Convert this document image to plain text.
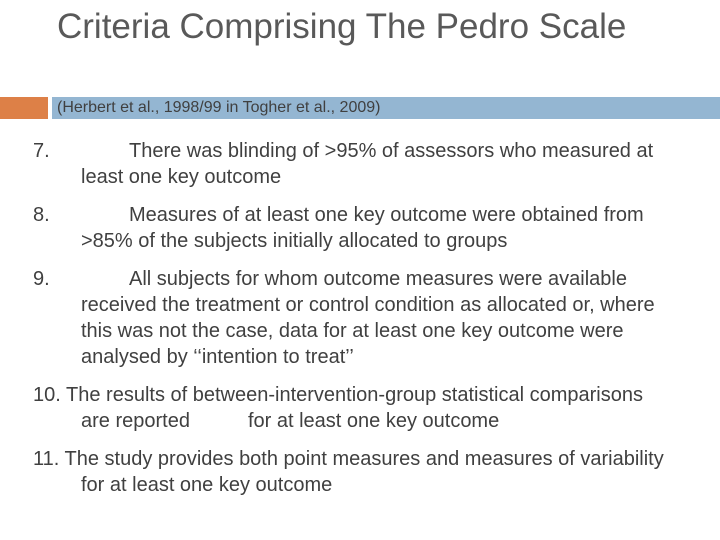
Criteria Comprising The Pedro Scale
(Herbert et al., 1998/99 in Togher et al., 2009)
7.	There was blinding of >95% of assessors who measured at least one key outcome
8.	Measures of at least one key outcome were obtained from >85% of the subjects initially allocated to groups
9.	All subjects for whom outcome measures were available received the treatment or control condition as allocated or, where this was not the case, data for at least one key outcome were analysed by ‘‘intention to treat’’
10. The results of between-intervention-group statistical comparisons are reported	for at least one key outcome
11. The study provides both point measures and measures of variability for at least one key outcome
